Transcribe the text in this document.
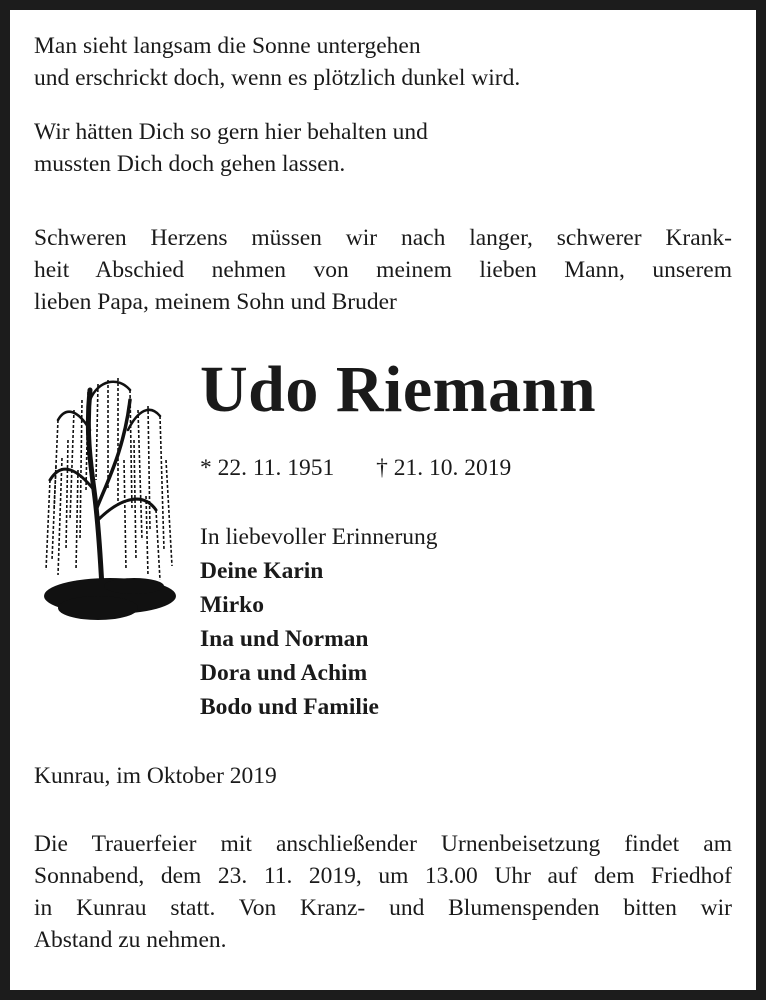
Man sieht langsam die Sonne untergehen
und erschrickt doch, wenn es plötzlich dunkel wird.
Wir hätten Dich so gern hier behalten und
mussten Dich doch gehen lassen.
Schweren Herzens müssen wir nach langer, schwerer Krank-
heit Abschied nehmen von meinem lieben Mann, unserem
lieben Papa, meinem Sohn und Bruder
Udo Riemann
* 22. 11. 1951 † 21. 10. 2019
In liebevoller Erinnerung
Deine Karin
Mirko
Ina und Norman
Dora und Achim
Bodo und Familie

Kunrau, im Oktober 2019

Die Trauerfeier mit anschließender Urnenbeisetzung findet am
Sonnabend, dem 23. 11. 2019, um 13.00 Uhr auf dem Friedhof
in Kunrau statt. Von Kranz- und Blumenspenden bitten wir
Abstand zu nehmen.
